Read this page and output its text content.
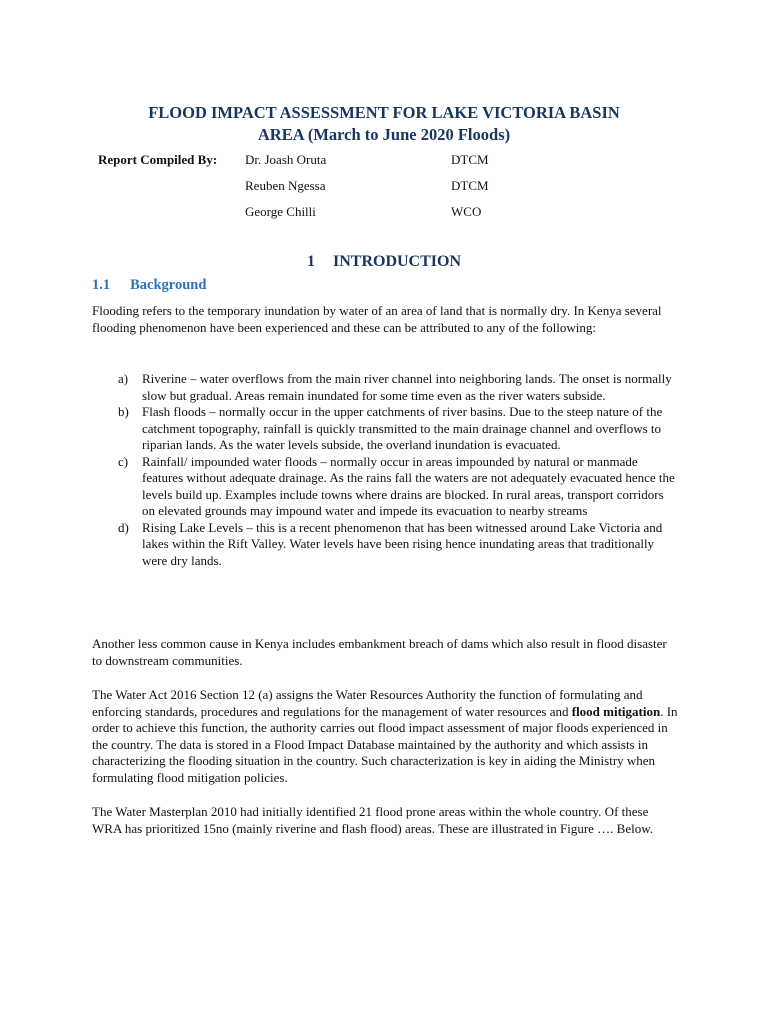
FLOOD IMPACT ASSESSMENT FOR LAKE VICTORIA BASIN
AREA (March to June 2020 Floods)
Report Compiled By: Dr. Joash Oruta	DTCM
Reuben Ngessa	DTCM
George Chilli	WCO
1 INTRODUCTION
1.1 Background

Flooding refers to the temporary inundation by water of an area of land that is normally dry. In Kenya several flooding phenomenon have been experienced and these can be attributed to any of the following:

a) Riverine – water overflows from the main river channel into neighboring lands. The onset is normally slow but gradual. Areas remain inundated for some time even as the river waters subside.
b) Flash floods – normally occur in the upper catchments of river basins. Due to the steep nature of the catchment topography, rainfall is quickly transmitted to the main drainage channel and overflows to riparian lands. As the water levels subside, the overland inundation is evacuated.
c) Rainfall/ impounded water floods – normally occur in areas impounded by natural or manmade features without adequate drainage. As the rains fall the waters are not adequately evacuated hence the levels build up. Examples include towns where drains are blocked. In rural areas, transport corridors on elevated grounds may impound water and impede its evacuation to nearby streams
d) Rising Lake Levels – this is a recent phenomenon that has been witnessed around Lake Victoria and lakes within the Rift Valley. Water levels have been rising hence inundating areas that traditionally were dry lands.

Another less common cause in Kenya includes embankment breach of dams which also result in flood disaster to downstream communities.

The Water Act 2016 Section 12 (a) assigns the Water Resources Authority the function of formulating and enforcing standards, procedures and regulations for the management of water resources and flood mitigation. In order to achieve this function, the authority carries out flood impact assessment of major floods experienced in the country. The data is stored in a Flood Impact Database maintained by the authority and which assists in characterizing the flooding situation in the country. Such characterization is key in aiding the Ministry when formulating flood mitigation policies.

The Water Masterplan 2010 had initially identified 21 flood prone areas within the whole country. Of these WRA has prioritized 15no (mainly riverine and flash flood) areas. These are illustrated in Figure …. Below.
